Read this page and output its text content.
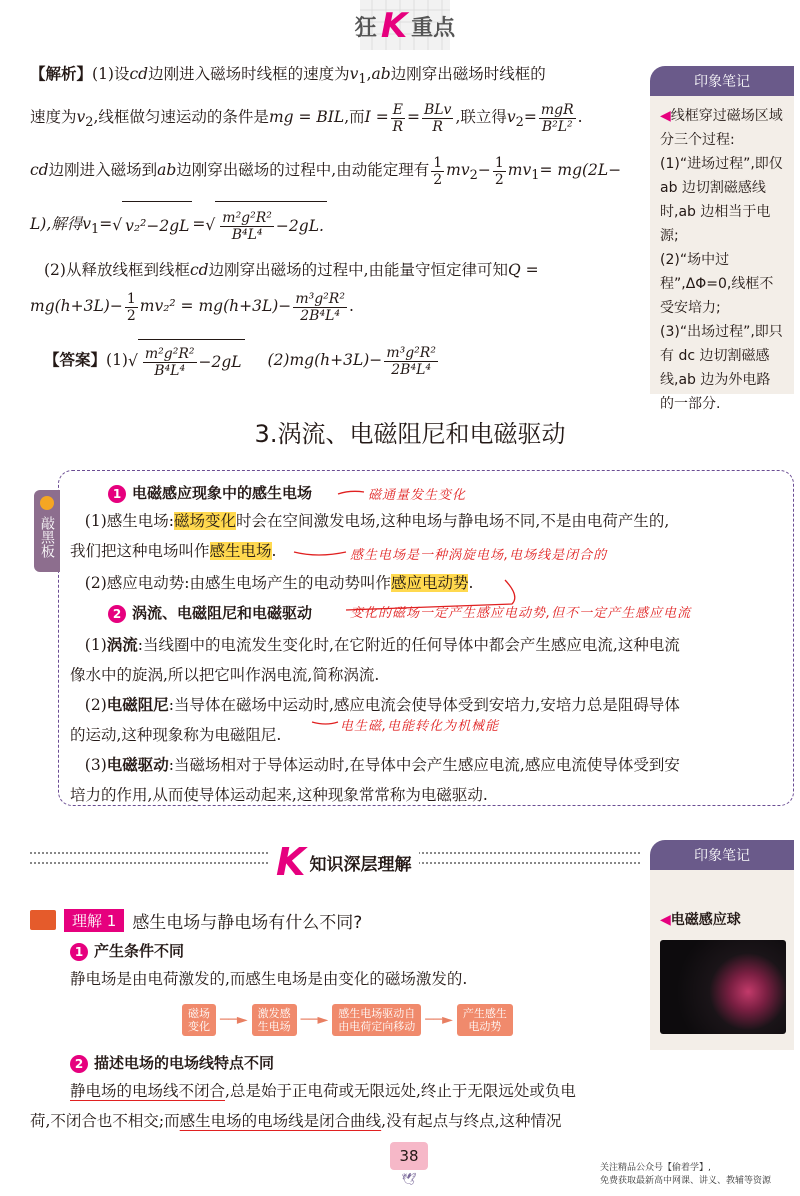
狂 K 重点
【解析】(1)设cd边刚进入磁场时线框的速度为$v_1,ab$边刚穿出磁场时线框的
速度为$v_2$,线框做匀速运动的条件是mg = BIL,而$I = \frac{E}{R} = \frac{\text{BLv}}{R}$ ,联立得$v_2= \frac{\text{mgR}}{\text{B²L²}}$ .
cd边刚进入磁场到ab边刚穿出磁场的过程中,由动能定理有 $\frac{1}{2} mv_2- \frac{1}{2} mv_1= mg(2L-$
L),解得$v_1=√$ v₂²−2gL =√ $\frac{\text{m²g²R²}}{\text{B⁴L⁴}} -2gL$.
(2)从释放线框到线框cd边刚穿出磁场的过程中,由能量守恒定律可知Q =
$mg(h+3L)- \frac{1}{2} mv_2^2 = mg(h+3L)- \frac{\text{m³g²R²}}{\text{2B⁴L⁴}}$ .
【答案】$(1)√ \frac{\text{m²g²R²}}{\text{B⁴L⁴}} -2gL$ $(2)mg(h+3L)- \frac{\text{m³g²R²}}{\text{2B⁴L⁴}}$
印象笔记
◀线框穿过磁场区域分三个过程:
(1)“进场过程”,即仅 ab 边切割磁感线时,ab 边相当于电源;
(2)“场中过程”,ΔΦ=0,线框不受安培力;
(3)“出场过程”,即只有 dc 边切割磁感线,ab 边为外电路的一部分.
3.涡流、电磁阻尼和电磁驱动
敲黑板
1 电磁感应现象中的感生电场	磁通量发生变化
(1)感生电场:磁场变化时会在空间激发电场,这种电场与静电场不同,不是由电荷产生的,
我们把这种电场叫作感生电场.	感生电场是一种涡旋电场,电场线是闭合的
(2)感应电动势:由感生电场产生的电动势叫作感应电动势.
2 涡流、电磁阻尼和电磁驱动	变化的磁场一定产生感应电动势,但不一定产生感应电流
(1)涡流:当线圈中的电流发生变化时,在它附近的任何导体中都会产生感应电流,这种电流
像水中的旋涡,所以把它叫作涡电流,简称涡流.
(2)电磁阻尼:当导体在磁场中运动时,感应电流会使导体受到安培力,安培力总是阻碍导体
的运动,这种现象称为电磁阻尼.	电生磁,电能转化为机械能
(3)电磁驱动:当磁场相对于导体运动时,在导体中会产生感应电流,感应电流使导体受到安
培力的作用,从而使导体运动起来,这种现象常常称为电磁驱动.
K 知识深层理解	印象笔记
◀电磁感应球
理解 1 感生电场与静电场有什么不同?
1 产生条件不同
静电场是由电荷激发的,而感生电场是由变化的磁场激发的.
磁场
变化 ──► 激发感
生电场 ──► 感生电场驱动自
由电荷定向移动 ──► 产生感生
电动势
2 描述电场的电场线特点不同
静电场的电场线不闭合,总是始于正电荷或无限远处,终止于无限远处或负电
荷,不闭合也不相交;而感生电场的电场线是闭合曲线,没有起点与终点,这种情况
38
🕊
关注精品公众号【偷着学】,
免费获取最新高中网课、讲义、教辅等资源
